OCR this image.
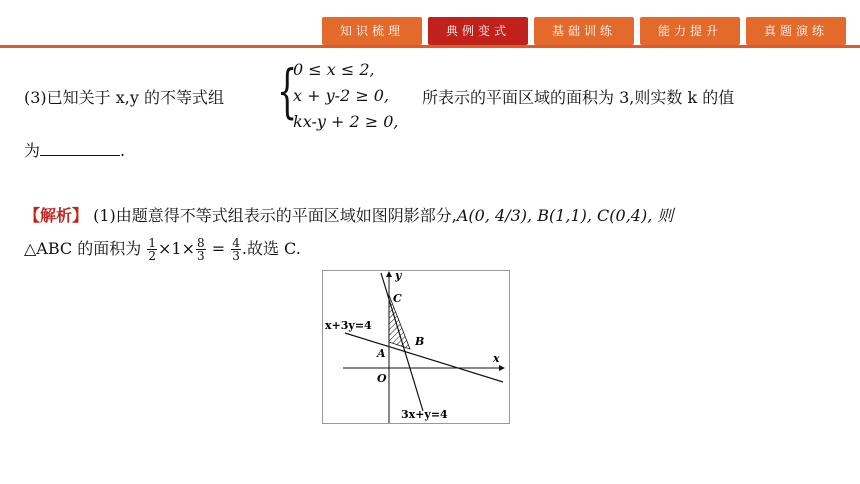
知识梳理	典例变式	基础训练	能力提升	真题演练
(3)已知关于 x,y 的不等式组 {
0 ≤ x ≤ 2,
x + y-2 ≥ 0,
kx-y + 2 ≥ 0,
所表示的平面区域的面积为 3,则实数 k 的值
为	.
【解析】 (1)由题意得不等式组表示的平面区域如图阴影部分,A(0, 4/3), B(1,1), C(0,4), 则
△ABC 的面积为 $\frac{1}{2} \times 1\times \frac{8}{3} = \frac{4}{3}$ .故选 C.
y
x
C
A
B
O
x+3y=4
3x+y=4
